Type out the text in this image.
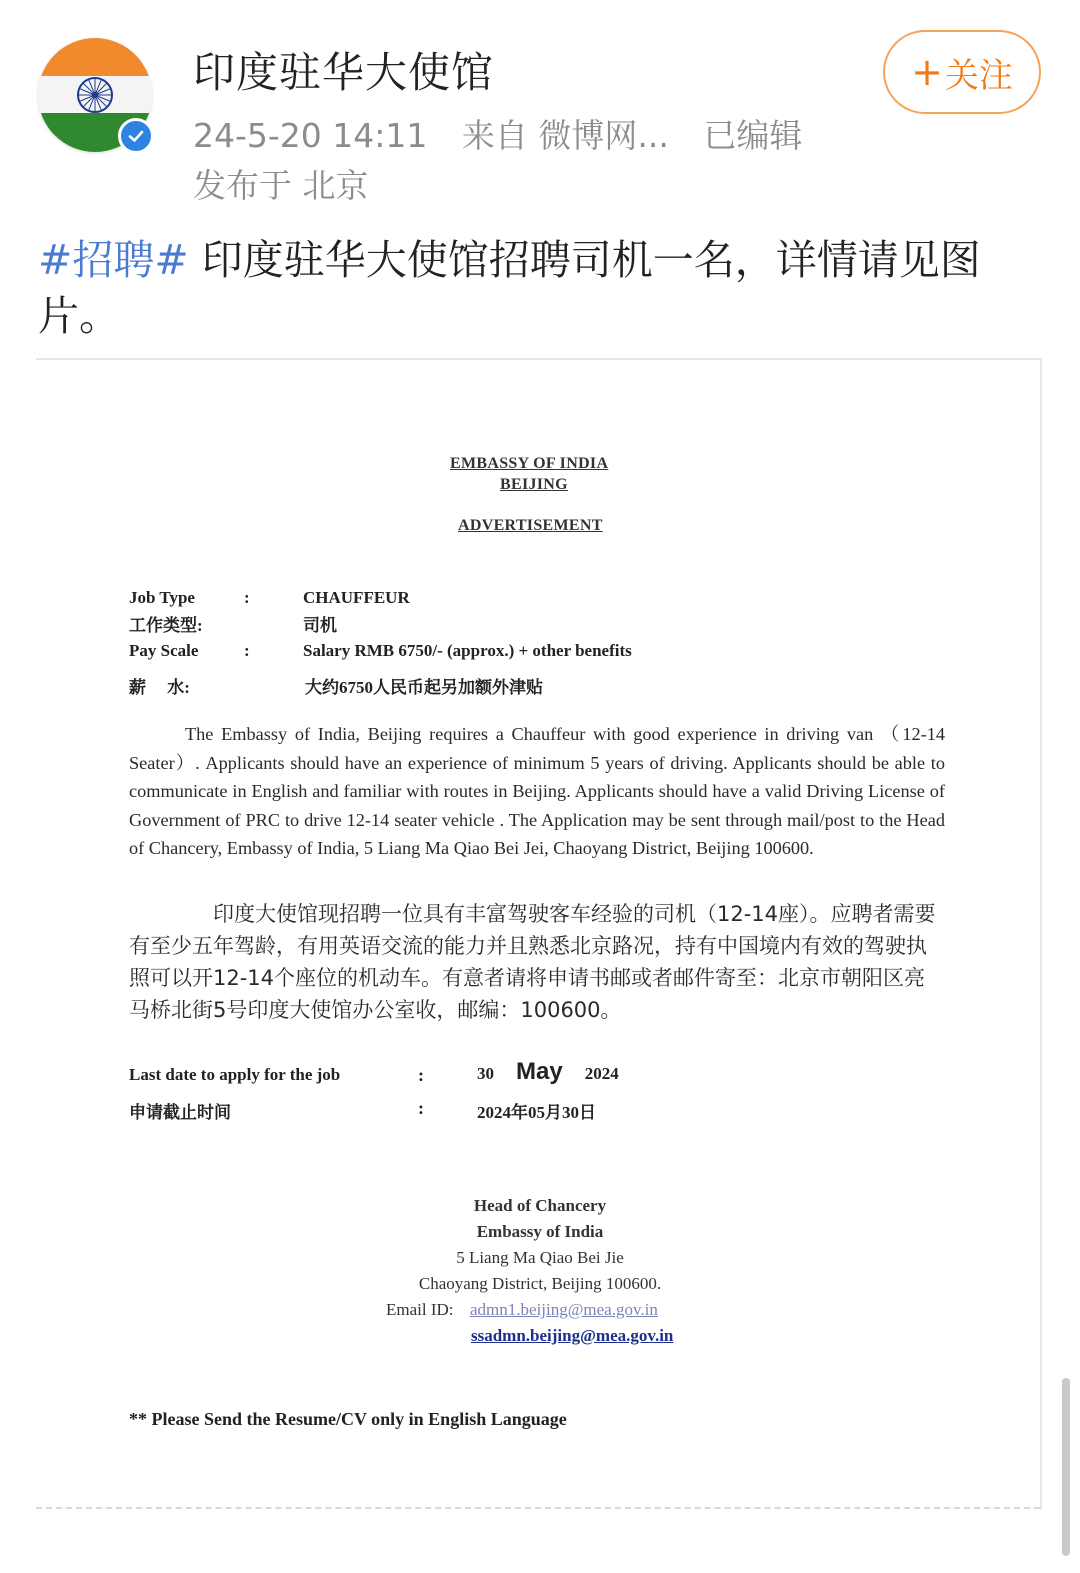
印度驻华大使馆
24-5-20 14:11 来自 微博网... 已编辑
发布于 北京
+ 关注
#招聘# 印度驻华大使馆招聘司机一名，详情请见图片。
EMBASSY OF INDIA
BEIJING
ADVERTISEMENT
Job Type	:	CHAUFFEUR
工作类型:	司机
Pay Scale	:	Salary RMB 6750/- (approx.) + other benefits
薪　 水:	大约6750人民币起另加额外津贴
The Embassy of India, Beijing requires a Chauffeur with good experience in driving van （12-14 Seater）. Applicants should have an experience of minimum 5 years of driving. Applicants should be able to communicate in English and familiar with routes in Beijing. Applicants should have a valid Driving License of Government of PRC to drive 12-14 seater vehicle . The Application may be sent through mail/post to the Head of Chancery, Embassy of India, 5 Liang Ma Qiao Bei Jei, Chaoyang District, Beijing 100600.
印度大使馆现招聘一位具有丰富驾驶客车经验的司机（12-14座）。应聘者需要有至少五年驾龄，有用英语交流的能力并且熟悉北京路况，持有中国境内有效的驾驶执照可以开12-14个座位的机动车。有意者请将申请书邮或者邮件寄至：北京市朝阳区亮马桥北街5号印度大使馆办公室收，邮编：100600。
Last date to apply for the job	:	30 May 2024
申请截止时间	:	2024年05月30日
Head of Chancery
Embassy of India
5 Liang Ma Qiao Bei Jie
Chaoyang District, Beijing 100600.
Email ID: admn1.beijing@mea.gov.in
ssadmn.beijing@mea.gov.in
** Please Send the Resume/CV only in English Language
